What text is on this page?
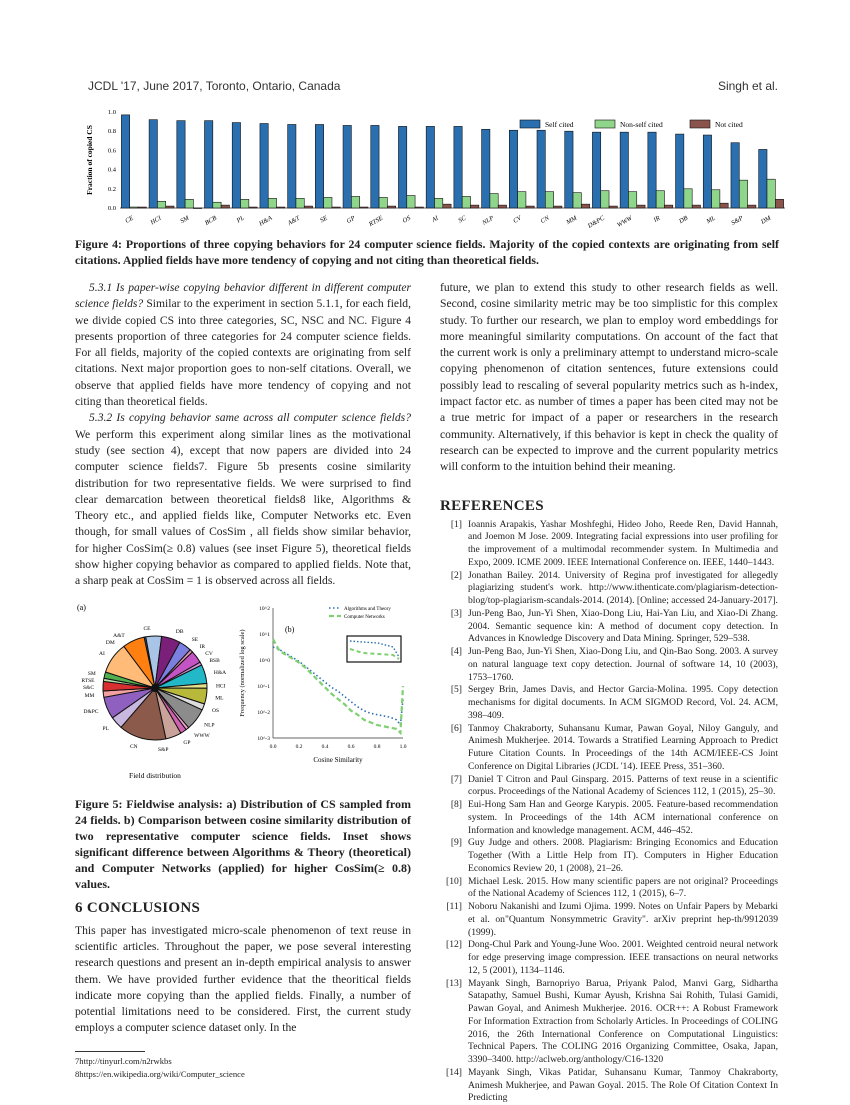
JCDL '17, June 2017, Toronto, Ontario, Canada	Singh et al.
0.0
0.2
0.4
0.6
0.8
1.0
Fraction of copied CS
CE HCI	SM BCB	PL H&A A&T	SE	GP RTSE	OS	AI	SC NLP	CV	CN MM D&PC WWW	IR	DB	ML S&P DM
Self cited	Non-self cited	Not cited
Figure 4: Proportions of three copying behaviors for 24 computer science fields. Majority of the copied contexts are originating from self citations. Applied fields have more tendency of copying and not citing than theoretical fields.

5.3.1 Is paper-wise copying behavior different in different computer science fields? Similar to the experiment in section 5.1.1, for each field, we divide copied CS into three categories, SC, NSC and NC. Figure 4 presents proportion of three categories for 24 computer science fields. For all fields, majority of the copied contexts are originating from self citations. Next major proportion goes to non-self citations. Overall, we observe that applied fields have more tendency of copying and not citing than theoretical fields.

5.3.2 Is copying behavior same across all computer science fields? We perform this experiment along similar lines as the motivational study (see section 4), except that now papers are divided into 24 computer science fields7. Figure 5b presents cosine similarity distribution for two representative fields. We were surprised to find clear demarcation between theoretical fields8 like, Algorithms & Theory etc., and applied fields like, Computer Networks etc. Even though, for small values of CosSim , all fields show similar behavior, for higher CosSim(≥ 0.8) values (see inset Figure 5), theoretical fields show higher copying behavior as compared to applied fields. Note that, a sharp peak at CosSim = 1 is observed across all fields.

(a)
DB
SE
IR
CV
BSB
H&A
HCI
ML
OS
NLP
WWW
GP
S&P
CE
A&T
DM
AI
SM
RTSE
S&C
MM
D&PC
PL
CN
Field distribution
0.0	0.2	0.4	0.6	0.8	1.0
10^-3
10^-2
10^-1
10^0
10^1
10^2
Cosine Similarity
Frequency (normalized log scale)	(b)
Algorithms and Theory
Computer Networks
Figure 5: Fieldwise analysis: a) Distribution of CS sampled from 24 fields. b) Comparison between cosine similarity distribution of two representative computer science fields. Inset shows significant difference between Algorithms & Theory (theoretical) and Computer Networks (applied) for higher CosSim(≥ 0.8) values.
6 CONCLUSIONS

This paper has investigated micro-scale phenomenon of text reuse in scientific articles. Throughout the paper, we pose several interesting research questions and present an in-depth empirical analysis to answer them. We have provided further evidence that the theoritical fields indicate more copying than the applied fields. Finally, a number of potential limitations need to be considered. First, the current study employs a computer science dataset only. In the

7http://tinyurl.com/n2rwkbs
8https://en.wikipedia.org/wiki/Computer_science

future, we plan to extend this study to other research fields as well. Second, cosine similarity metric may be too simplistic for this complex study. To further our research, we plan to employ word embeddings for more meaningful similarity computations. On account of the fact that the current work is only a preliminary attempt to understand micro-scale copying phenomenon of citation sentences, future extensions could possibly lead to rescaling of several popularity metrics such as h-index, impact factor etc. as number of times a paper has been cited may not be a true metric for impact of a paper or researchers in the research community. Alternatively, if this behavior is kept in check the quality of research can be expected to improve and the current popularity metrics will conform to the intuition behind their meaning.

REFERENCES
[1] Ioannis Arapakis, Yashar Moshfeghi, Hideo Joho, Reede Ren, David Hannah, and Joemon M Jose. 2009. Integrating facial expressions into user profiling for the improvement of a multimodal recommender system. In Multimedia and Expo, 2009. ICME 2009. IEEE International Conference on. IEEE, 1440–1443.
[2] Jonathan Bailey. 2014. University of Regina prof investigated for allegedly plagiarizing student's work. http://www.ithenticate.com/plagiarism-detection-blog/top-plagiarism-scandals-2014. (2014). [Online; accessed 24-January-2017].
[3] Jun-Peng Bao, Jun-Yi Shen, Xiao-Dong Liu, Hai-Yan Liu, and Xiao-Di Zhang. 2004. Semantic sequence kin: A method of document copy detection. In Advances in Knowledge Discovery and Data Mining. Springer, 529–538.
[4] Jun-Peng Bao, Jun-Yi Shen, Xiao-Dong Liu, and Qin-Bao Song. 2003. A survey on natural language text copy detection. Journal of software 14, 10 (2003), 1753–1760.
[5] Sergey Brin, James Davis, and Hector Garcia-Molina. 1995. Copy detection mechanisms for digital documents. In ACM SIGMOD Record, Vol. 24. ACM, 398–409.
[6] Tanmoy Chakraborty, Suhansanu Kumar, Pawan Goyal, Niloy Ganguly, and Animesh Mukherjee. 2014. Towards a Stratified Learning Approach to Predict Future Citation Counts. In Proceedings of the 14th ACM/IEEE-CS Joint Conference on Digital Libraries (JCDL '14). IEEE Press, 351–360.
[7] Daniel T Citron and Paul Ginsparg. 2015. Patterns of text reuse in a scientific corpus. Proceedings of the National Academy of Sciences 112, 1 (2015), 25–30.
[8] Eui-Hong Sam Han and George Karypis. 2005. Feature-based recommendation system. In Proceedings of the 14th ACM international conference on Information and knowledge management. ACM, 446–452.
[9] Guy Judge and others. 2008. Plagiarism: Bringing Economics and Education Together (With a Little Help from IT). Computers in Higher Education Economics Review 20, 1 (2008), 21–26.
[10] Michael Lesk. 2015. How many scientific papers are not original? Proceedings of the National Academy of Sciences 112, 1 (2015), 6–7.
[11] Noboru Nakanishi and Izumi Ojima. 1999. Notes on Unfair Papers by Mebarki et al. on"Quantum Nonsymmetric Gravity". arXiv preprint hep-th/9912039 (1999).
[12] Dong-Chul Park and Young-June Woo. 2001. Weighted centroid neural network for edge preserving image compression. IEEE transactions on neural networks 12, 5 (2001), 1134–1146.
[13] Mayank Singh, Barnopriyo Barua, Priyank Palod, Manvi Garg, Sidhartha Satapathy, Samuel Bushi, Kumar Ayush, Krishna Sai Rohith, Tulasi Gamidi, Pawan Goyal, and Animesh Mukherjee. 2016. OCR++: A Robust Framework For Information Extraction from Scholarly Articles. In Proceedings of COLING 2016, the 26th International Conference on Computational Linguistics: Technical Papers. The COLING 2016 Organizing Committee, Osaka, Japan, 3390–3400. http://aclweb.org/anthology/C16-1320
[14] Mayank Singh, Vikas Patidar, Suhansanu Kumar, Tanmoy Chakraborty, Animesh Mukherjee, and Pawan Goyal. 2015. The Role Of Citation Context In Predicting
